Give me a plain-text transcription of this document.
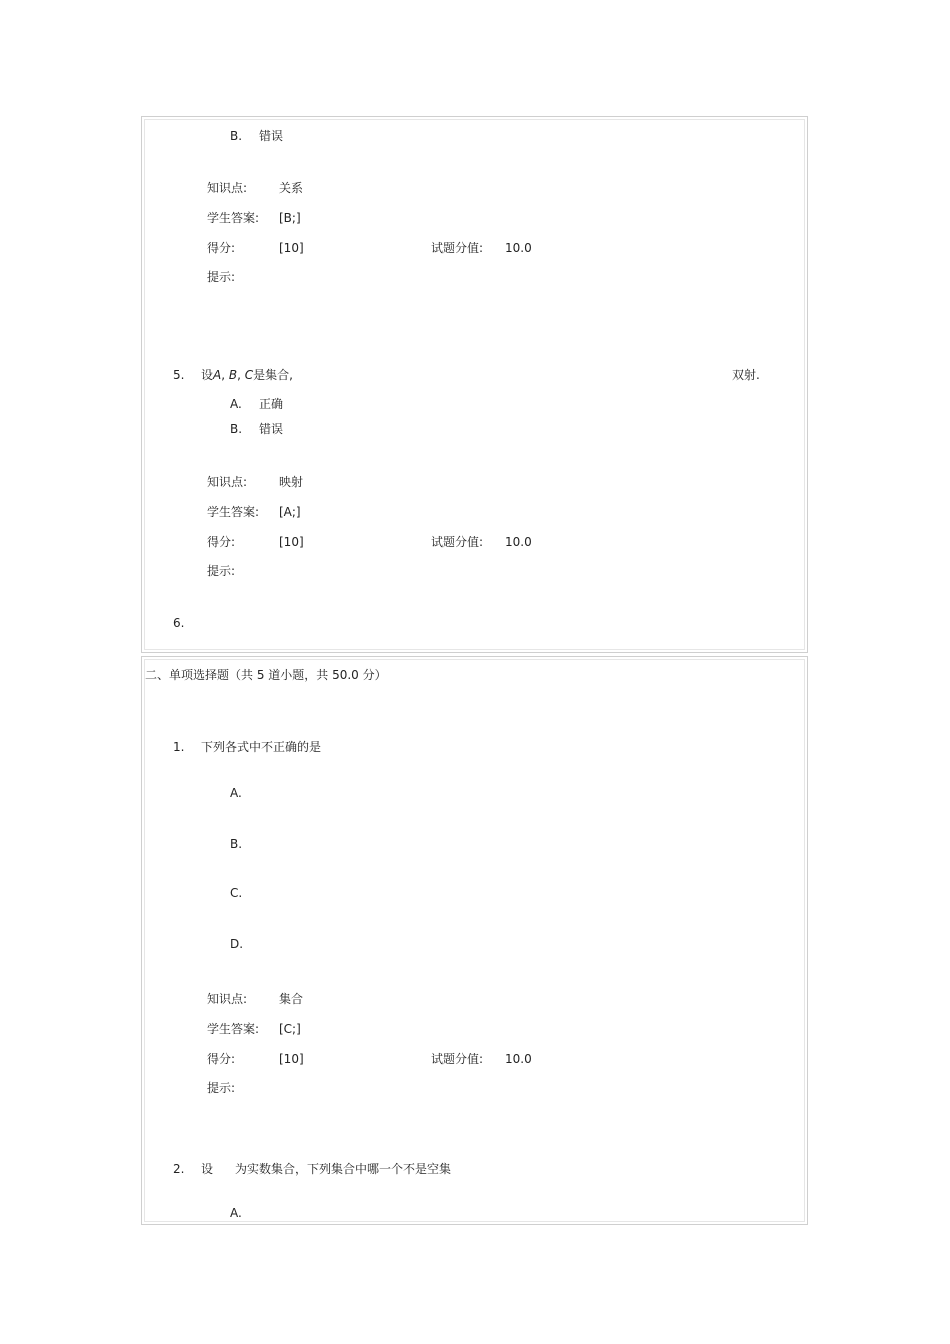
B. 错误
知识点:	关系
学生答案: [B;]
得分:	[10]	试题分值: 10.0
提示:
5. 设A, B, C是集合,	双射.
A. 正确
B. 错误
知识点:	映射
学生答案: [A;]
得分:	[10]	试题分值: 10.0
提示:
6.
二、单项选择题（共 5 道小题，共 50.0 分）
1. 下列各式中不正确的是
A.
B.
C.
D.
知识点:	集合
学生答案: [C;]
得分:	[10]	试题分值: 10.0
提示:
2. 设 为实数集合，下列集合中哪一个不是空集
A.
